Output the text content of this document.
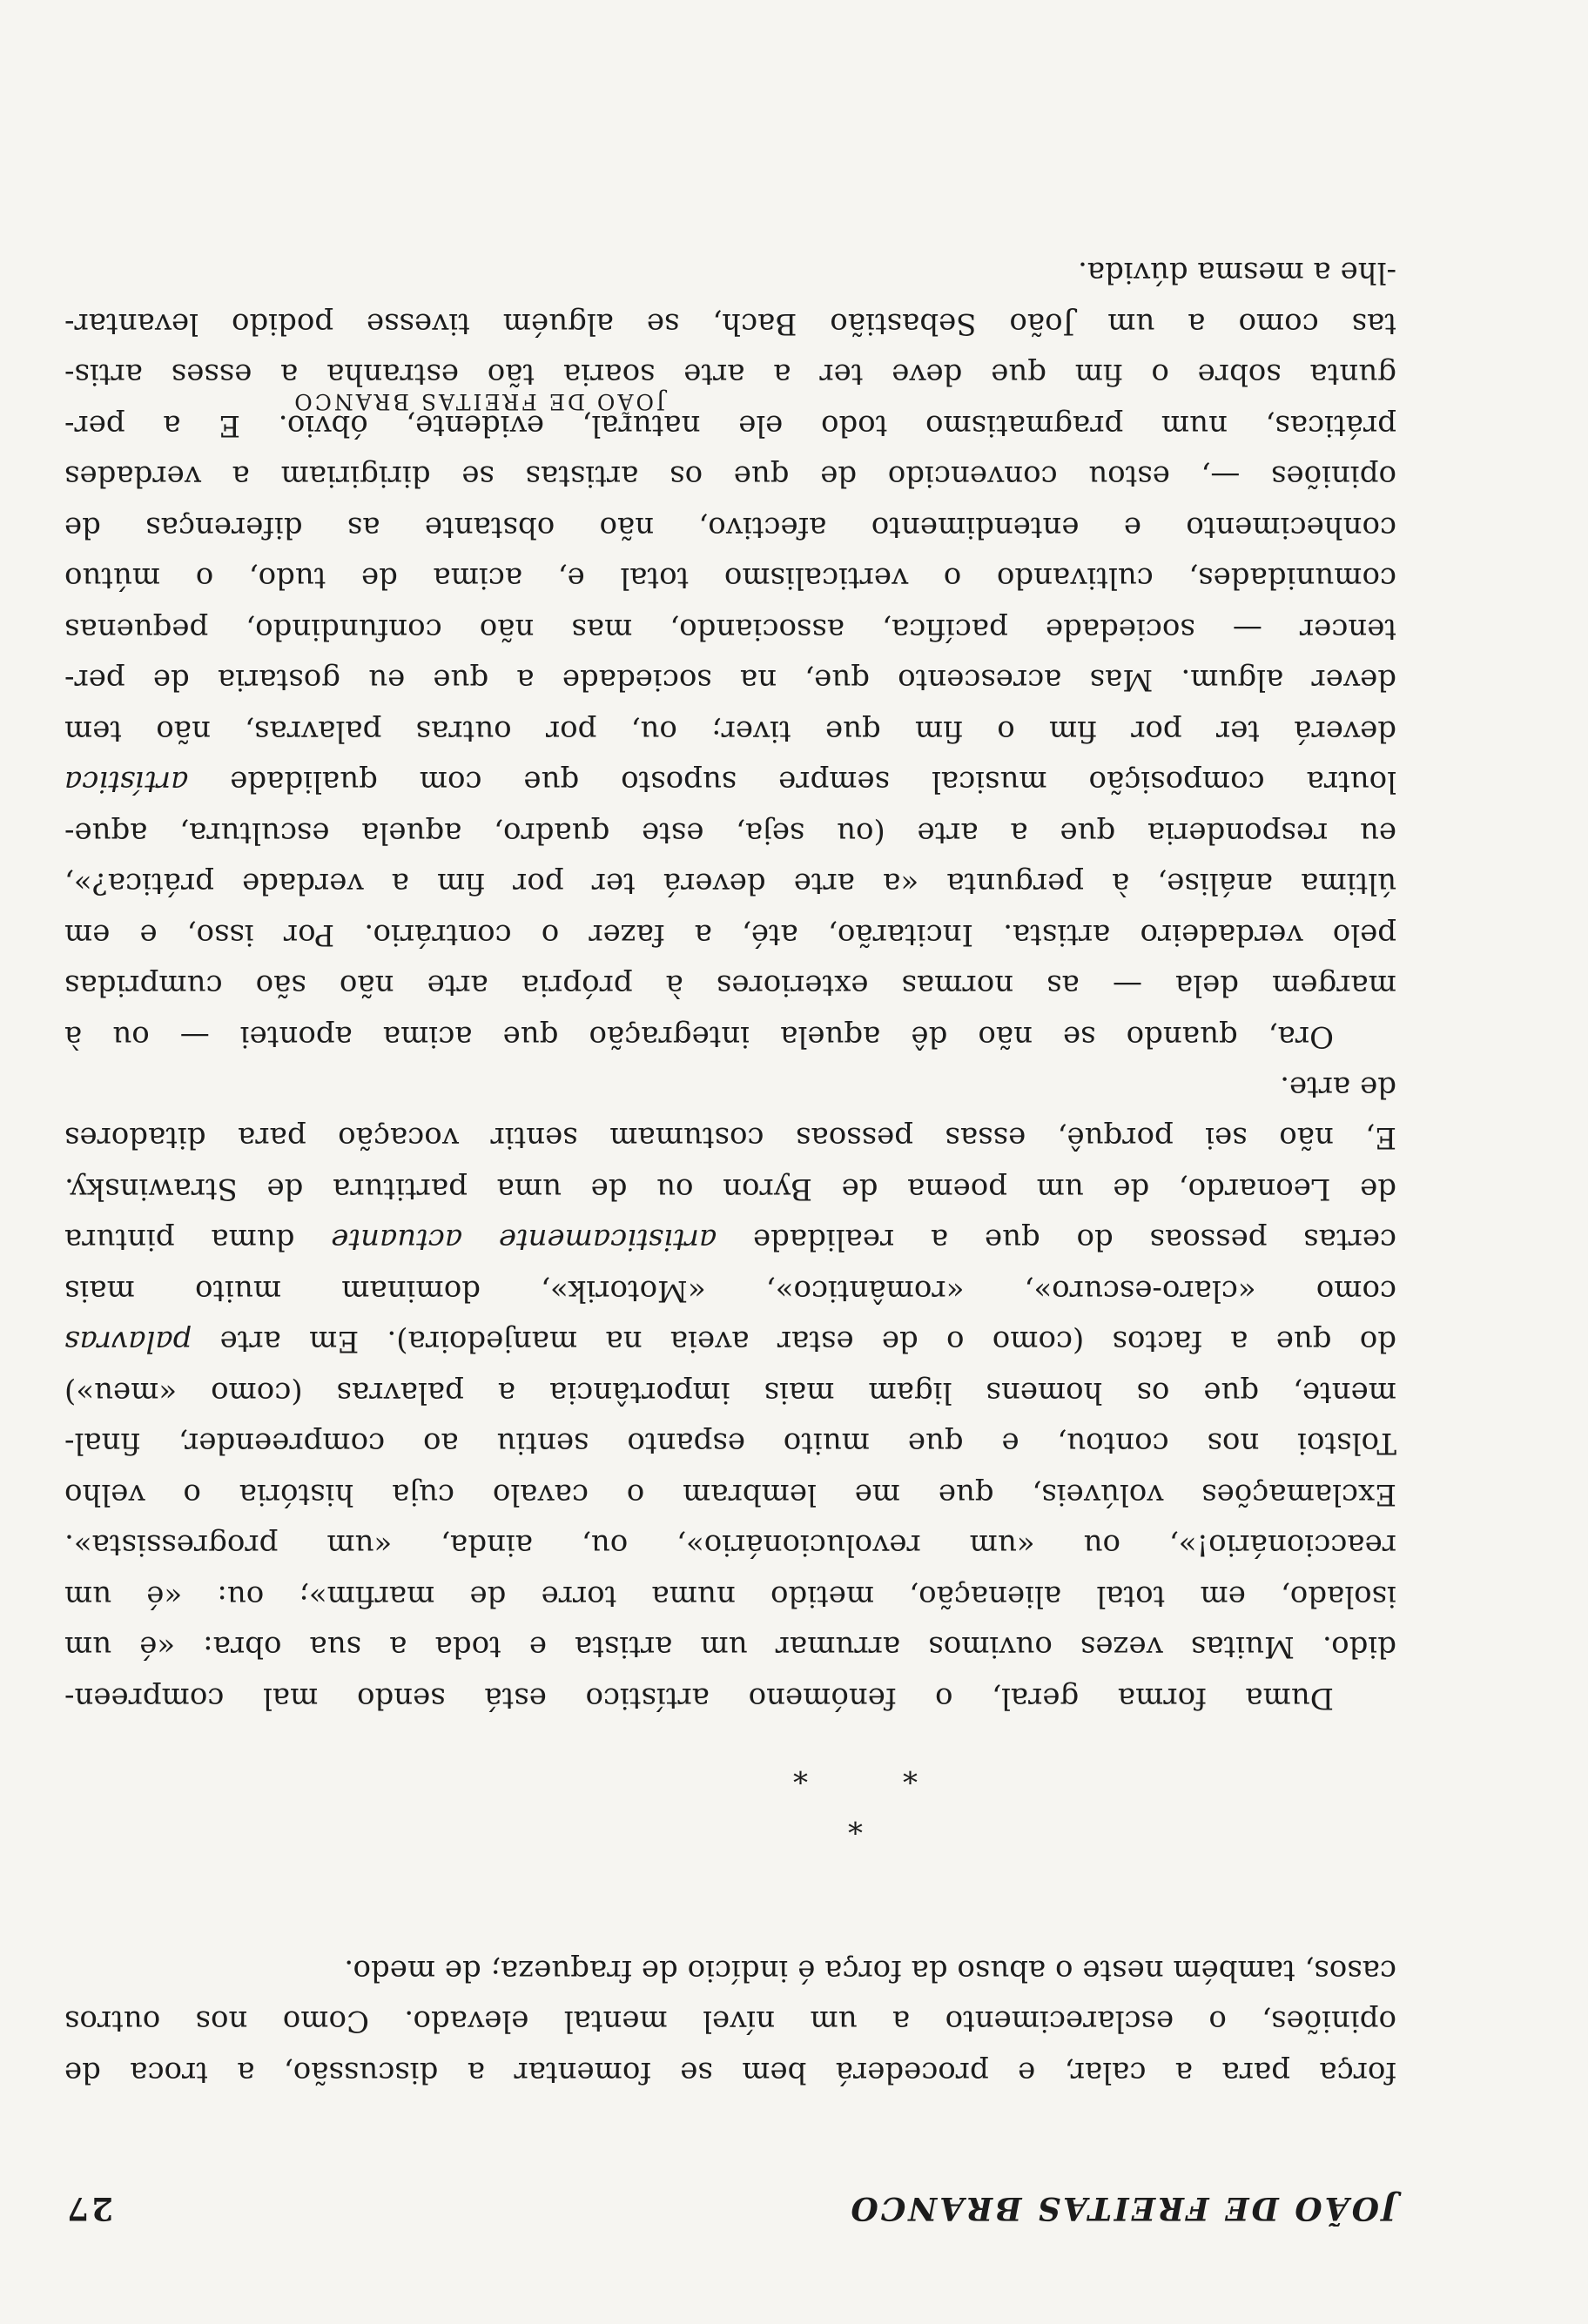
JOÃO DE FREITAS BRANCO
27
força para a calar, e procederá bem se fomentar a discussão, a troca de
opiniões, o esclarecimento a um nível mental elevado. Como nos outros
casos, também neste o abuso da força é indício de fraqueza; de medo.
*
*
*
Duma forma geral, o fenómeno artístico está sendo mal compreen-
dido. Muitas vezes ouvimos arrumar um artista e toda a sua obra: «é um
isolado, em total alienação, metido numa torre de marfim»; ou: «é um
reaccionário!», ou «um revolucionário», ou, ainda, «um progressista».
Exclamações volúveis, que me lembram o cavalo cuja história o velho
Tolstoi nos contou, e que muito espanto sentiu ao compreender, final-
mente, que os homens ligam mais importância a palavras (como «meu»)
do que a factos (como o de estar aveia na manjedoira). Em arte palavras
como «claro-escuro», «romântico», «Motorik», dominam muito mais
certas pessoas do que a realidade artisticamente actuante duma pintura
de Leonardo, de um poema de Byron ou de uma partitura de Strawinsky.
E, não sei porquê, essas pessoas costumam sentir vocação para ditadores
de arte.
Ora, quando se não dê aquela integração que acima apontei — ou à
margem dela — as normas exteriores à própria arte não são cumpridas
pelo verdadeiro artista. Incitarão, até, a fazer o contrário. Por isso, e em
última análise, à pergunta «a arte deverá ter por fim a verdade prática?»,
eu responderia que a arte (ou seja, este quadro, aquela escultura, aque-
loutra composição musical sempre suposto que com qualidade artística
deverá ter por fim o fim que tiver; ou, por outras palavras, não tem
dever algum. Mas acrescento que, na sociedade a que eu gostaria de per-
tencer — sociedade pacífica, associando, mas não confundindo, pequenas
comunidades, cultivando o verticalismo total e, acima de tudo, o mútuo
conhecimento e entendimento afectivo, não obstante as diferenças de
opiniões —, estou convencido de que os artistas se dirigiriam a verdades
práticas, num pragmatismo todo ele natural, evidente, óbvio. E a per-
gunta sobre o fim que deve ter a arte soaria tão estranha a esses artis-
tas como a um João Sebastião Bach, se alguém tivesse podido levantar-
-lhe a mesma dúvida.
JOÃO DE FREITAS BRANCO
